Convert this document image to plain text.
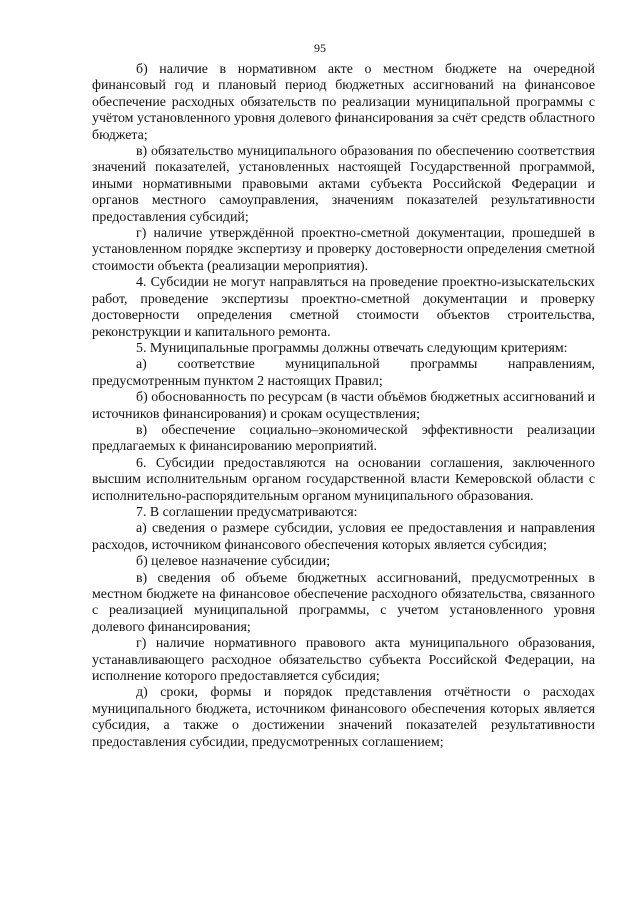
95

б) наличие в нормативном акте о местном бюджете на очередной финансовый год и плановый период бюджетных ассигнований на финансовое обеспечение расходных обязательств по реализации муниципальной программы с учётом установленного уровня долевого финансирования за счёт средств областного бюджета;

в) обязательство муниципального образования по обеспечению соответствия значений показателей, установленных настоящей Государственной программой, иными нормативными правовыми актами субъекта Российской Федерации и органов местного самоуправления, значениям показателей результативности предоставления субсидий;

г) наличие утверждённой проектно-сметной документации, прошедшей в установленном порядке экспертизу и проверку достоверности определения сметной стоимости объекта (реализации мероприятия).

4. Субсидии не могут направляться на проведение проектно-изыскательских работ, проведение экспертизы проектно-сметной документации и проверку достоверности определения сметной стоимости объектов строительства, реконструкции и капитального ремонта.

5. Муниципальные программы должны отвечать следующим критериям:

а) соответствие муниципальной программы направлениям, предусмотренным пунктом 2 настоящих Правил;

б) обоснованность по ресурсам (в части объёмов бюджетных ассигнований и источников финансирования) и срокам осуществления;

в) обеспечение социально–экономической эффективности реализации предлагаемых к финансированию мероприятий.

6. Субсидии предоставляются на основании соглашения, заключенного высшим исполнительным органом государственной власти Кемеровской области с исполнительно-распорядительным органом муниципального образования.

7. В соглашении предусматриваются:

а) сведения о размере субсидии, условия ее предоставления и направления расходов, источником финансового обеспечения которых является субсидия;

б) целевое назначение субсидии;

в) сведения об объеме бюджетных ассигнований, предусмотренных в местном бюджете на финансовое обеспечение расходного обязательства, связанного с реализацией муниципальной программы, с учетом установленного уровня долевого финансирования;

г) наличие нормативного правового акта муниципального образования, устанавливающего расходное обязательство субъекта Российской Федерации, на исполнение которого предоставляется субсидия;

д) сроки, формы и порядок представления отчётности о расходах муниципального бюджета, источником финансового обеспечения которых является субсидия, а также о достижении значений показателей результативности предоставления субсидии, предусмотренных соглашением;
